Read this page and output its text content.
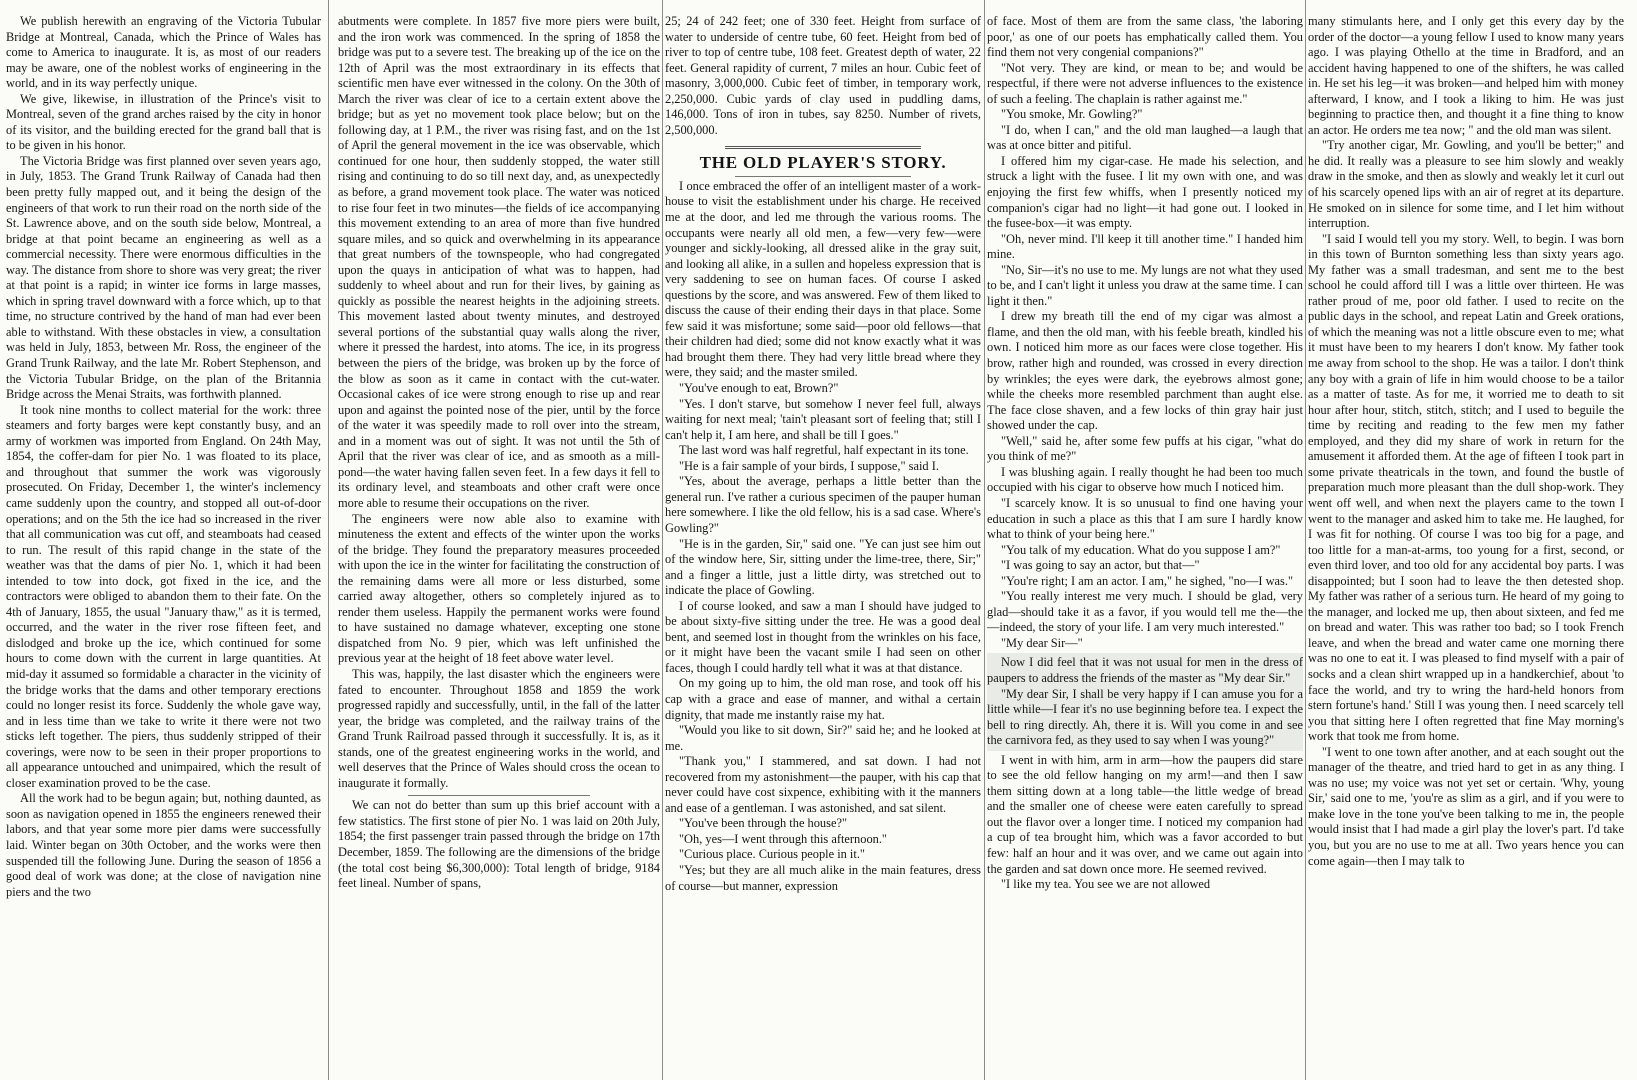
We publish herewith an engraving of the Victoria Tubular Bridge at Montreal, Canada, which the Prince of Wales has come to America to inaugurate. It is, as most of our readers may be aware, one of the noblest works of engineering in the world, and in its way perfectly unique.

We give, likewise, in illustration of the Prince's visit to Montreal, seven of the grand arches raised by the city in honor of its visitor, and the building erected for the grand ball that is to be given in his honor.

The Victoria Bridge was first planned over seven years ago, in July, 1853. The Grand Trunk Railway of Canada had then been pretty fully mapped out, and it being the design of the engineers of that work to run their road on the north side of the St. Lawrence above, and on the south side below, Montreal, a bridge at that point became an engineering as well as a commercial necessity. There were enormous difficulties in the way. The distance from shore to shore was very great; the river at that point is a rapid; in winter ice forms in large masses, which in spring travel downward with a force which, up to that time, no structure contrived by the hand of man had ever been able to withstand. With these obstacles in view, a consultation was held in July, 1853, between Mr. Ross, the engineer of the Grand Trunk Railway, and the late Mr. Robert Stephenson, and the Victoria Tubular Bridge, on the plan of the Britannia Bridge across the Menai Straits, was forthwith planned.

It took nine months to collect material for the work: three steamers and forty barges were kept constantly busy, and an army of workmen was imported from England. On 24th May, 1854, the coffer-dam for pier No. 1 was floated to its place, and throughout that summer the work was vigorously prosecuted. On Friday, December 1, the winter's inclemency came suddenly upon the country, and stopped all out-of-door operations; and on the 5th the ice had so increased in the river that all communication was cut off, and steamboats had ceased to run. The result of this rapid change in the state of the weather was that the dams of pier No. 1, which it had been intended to tow into dock, got fixed in the ice, and the contractors were obliged to abandon them to their fate. On the 4th of January, 1855, the usual "January thaw," as it is termed, occurred, and the water in the river rose fifteen feet, and dislodged and broke up the ice, which continued for some hours to come down with the current in large quantities. At mid-day it assumed so formidable a character in the vicinity of the bridge works that the dams and other temporary erections could no longer resist its force. Suddenly the whole gave way, and in less time than we take to write it there were not two sticks left together. The piers, thus suddenly stripped of their coverings, were now to be seen in their proper proportions to all appearance untouched and unimpaired, which the result of closer examination proved to be the case.

All the work had to be begun again; but, nothing daunted, as soon as navigation opened in 1855 the engineers renewed their labors, and that year some more pier dams were successfully laid. Winter began on 30th October, and the works were then suspended till the following June. During the season of 1856 a good deal of work was done; at the close of navigation nine piers and the two

abutments were complete. In 1857 five more piers were built, and the iron work was commenced. In the spring of 1858 the bridge was put to a severe test. The breaking up of the ice on the 12th of April was the most extraordinary in its effects that scientific men have ever witnessed in the colony. On the 30th of March the river was clear of ice to a certain extent above the bridge; but as yet no movement took place below; but on the following day, at 1 P.M., the river was rising fast, and on the 1st of April the general movement in the ice was observable, which continued for one hour, then suddenly stopped, the water still rising and continuing to do so till next day, and, as unexpectedly as before, a grand movement took place. The water was noticed to rise four feet in two minutes—the fields of ice accompanying this movement extending to an area of more than five hundred square miles, and so quick and overwhelming in its appearance that great numbers of the townspeople, who had congregated upon the quays in anticipation of what was to happen, had suddenly to wheel about and run for their lives, by gaining as quickly as possible the nearest heights in the adjoining streets. This movement lasted about twenty minutes, and destroyed several portions of the substantial quay walls along the river, where it pressed the hardest, into atoms. The ice, in its progress between the piers of the bridge, was broken up by the force of the blow as soon as it came in contact with the cut-water. Occasional cakes of ice were strong enough to rise up and rear upon and against the pointed nose of the pier, until by the force of the water it was speedily made to roll over into the stream, and in a moment was out of sight. It was not until the 5th of April that the river was clear of ice, and as smooth as a mill-pond—the water having fallen seven feet. In a few days it fell to its ordinary level, and steamboats and other craft were once more able to resume their occupations on the river.

The engineers were now able also to examine with minuteness the extent and effects of the winter upon the works of the bridge. They found the preparatory measures proceeded with upon the ice in the winter for facilitating the construction of the remaining dams were all more or less disturbed, some carried away altogether, others so completely injured as to render them useless. Happily the permanent works were found to have sustained no damage whatever, excepting one stone dispatched from No. 9 pier, which was left unfinished the previous year at the height of 18 feet above water level.

This was, happily, the last disaster which the engineers were fated to encounter. Throughout 1858 and 1859 the work progressed rapidly and successfully, until, in the fall of the latter year, the bridge was completed, and the railway trains of the Grand Trunk Railroad passed through it successfully. It is, as it stands, one of the greatest engineering works in the world, and well deserves that the Prince of Wales should cross the ocean to inaugurate it formally.

We can not do better than sum up this brief account with a few statistics. The first stone of pier No. 1 was laid on 20th July, 1854; the first passenger train passed through the bridge on 17th December, 1859. The following are the dimensions of the bridge (the total cost being $6,300,000): Total length of bridge, 9184 feet lineal. Number of spans,

25; 24 of 242 feet; one of 330 feet. Height from surface of water to underside of centre tube, 60 feet. Height from bed of river to top of centre tube, 108 feet. Greatest depth of water, 22 feet. General rapidity of current, 7 miles an hour. Cubic feet of masonry, 3,000,000. Cubic feet of timber, in temporary work, 2,250,000. Cubic yards of clay used in puddling dams, 146,000. Tons of iron in tubes, say 8250. Number of rivets, 2,500,000.

THE OLD PLAYER'S STORY.

I once embraced the offer of an intelligent master of a work-house to visit the establishment under his charge. He received me at the door, and led me through the various rooms. The occupants were nearly all old men, a few—very few—were younger and sickly-looking, all dressed alike in the gray suit, and looking all alike, in a sullen and hopeless expression that is very saddening to see on human faces. Of course I asked questions by the score, and was answered. Few of them liked to discuss the cause of their ending their days in that place. Some few said it was misfortune; some said—poor old fellows—that their children had died; some did not know exactly what it was had brought them there. They had very little bread where they were, they said; and the master smiled.

"You've enough to eat, Brown?"

"Yes. I don't starve, but somehow I never feel full, always waiting for next meal; 'tain't pleasant sort of feeling that; still I can't help it, I am here, and shall be till I goes."

The last word was half regretful, half expectant in its tone.

"He is a fair sample of your birds, I suppose," said I.

"Yes, about the average, perhaps a little better than the general run. I've rather a curious specimen of the pauper human here somewhere. I like the old fellow, his is a sad case. Where's Gowling?"

"He is in the garden, Sir," said one. "Ye can just see him out of the window here, Sir, sitting under the lime-tree, there, Sir;" and a finger a little, just a little dirty, was stretched out to indicate the place of Gowling.

I of course looked, and saw a man I should have judged to be about sixty-five sitting under the tree. He was a good deal bent, and seemed lost in thought from the wrinkles on his face, or it might have been the vacant smile I had seen on other faces, though I could hardly tell what it was at that distance.

On my going up to him, the old man rose, and took off his cap with a grace and ease of manner, and withal a certain dignity, that made me instantly raise my hat.

"Would you like to sit down, Sir?" said he; and he looked at me.

"Thank you," I stammered, and sat down. I had not recovered from my astonishment—the pauper, with his cap that never could have cost sixpence, exhibiting with it the manners and ease of a gentleman. I was astonished, and sat silent.

"You've been through the house?"

"Oh, yes—I went through this afternoon."

"Curious place. Curious people in it."

"Yes; but they are all much alike in the main features, dress of course—but manner, expression

of face. Most of them are from the same class, 'the laboring poor,' as one of our poets has emphatically called them. You find them not very congenial companions?"

"Not very. They are kind, or mean to be; and would be respectful, if there were not adverse influences to the existence of such a feeling. The chaplain is rather against me."

"You smoke, Mr. Gowling?"

"I do, when I can," and the old man laughed—a laugh that was at once bitter and pitiful.

I offered him my cigar-case. He made his selection, and struck a light with the fusee. I lit my own with one, and was enjoying the first few whiffs, when I presently noticed my companion's cigar had no light—it had gone out. I looked in the fusee-box—it was empty.

"Oh, never mind. I'll keep it till another time." I handed him mine.

"No, Sir—it's no use to me. My lungs are not what they used to be, and I can't light it unless you draw at the same time. I can light it then."

I drew my breath till the end of my cigar was almost a flame, and then the old man, with his feeble breath, kindled his own. I noticed him more as our faces were close together. His brow, rather high and rounded, was crossed in every direction by wrinkles; the eyes were dark, the eyebrows almost gone; while the cheeks more resembled parchment than aught else. The face close shaven, and a few locks of thin gray hair just showed under the cap.

"Well," said he, after some few puffs at his cigar, "what do you think of me?"

I was blushing again. I really thought he had been too much occupied with his cigar to observe how much I noticed him.

"I scarcely know. It is so unusual to find one having your education in such a place as this that I am sure I hardly know what to think of your being here."

"You talk of my education. What do you suppose I am?"

"I was going to say an actor, but that—"

"You're right; I am an actor. I am," he sighed, "no—I was."

"You really interest me very much. I should be glad, very glad—should take it as a favor, if you would tell me the—the—indeed, the story of your life. I am very much interested."

"My dear Sir—"

Now I did feel that it was not usual for men in the dress of paupers to address the friends of the master as "My dear Sir."

"My dear Sir, I shall be very happy if I can amuse you for a little while—I fear it's no use beginning before tea. I expect the bell to ring directly. Ah, there it is. Will you come in and see the carnivora fed, as they used to say when I was young?"

I went in with him, arm in arm—how the paupers did stare to see the old fellow hanging on my arm!—and then I saw them sitting down at a long table—the little wedge of bread and the smaller one of cheese were eaten carefully to spread out the flavor over a longer time. I noticed my companion had a cup of tea brought him, which was a favor accorded to but few: half an hour and it was over, and we came out again into the garden and sat down once more. He seemed revived.

"I like my tea. You see we are not allowed

many stimulants here, and I only get this every day by the order of the doctor—a young fellow I used to know many years ago. I was playing Othello at the time in Bradford, and an accident having happened to one of the shifters, he was called in. He set his leg—it was broken—and helped him with money afterward, I know, and I took a liking to him. He was just beginning to practice then, and thought it a fine thing to know an actor. He orders me tea now; " and the old man was silent.

"Try another cigar, Mr. Gowling, and you'll be better;" and he did. It really was a pleasure to see him slowly and weakly draw in the smoke, and then as slowly and weakly let it curl out of his scarcely opened lips with an air of regret at its departure. He smoked on in silence for some time, and I let him without interruption.

"I said I would tell you my story. Well, to begin. I was born in this town of Burnton something less than sixty years ago. My father was a small tradesman, and sent me to the best school he could afford till I was a little over thirteen. He was rather proud of me, poor old father. I used to recite on the public days in the school, and repeat Latin and Greek orations, of which the meaning was not a little obscure even to me; what it must have been to my hearers I don't know. My father took me away from school to the shop. He was a tailor. I don't think any boy with a grain of life in him would choose to be a tailor as a matter of taste. As for me, it worried me to death to sit hour after hour, stitch, stitch, stitch; and I used to beguile the time by reciting and reading to the few men my father employed, and they did my share of work in return for the amusement it afforded them. At the age of fifteen I took part in some private theatricals in the town, and found the bustle of preparation much more pleasant than the dull shop-work. They went off well, and when next the players came to the town I went to the manager and asked him to take me. He laughed, for I was fit for nothing. Of course I was too big for a page, and too little for a man-at-arms, too young for a first, second, or even third lover, and too old for any accidental boy parts. I was disappointed; but I soon had to leave the then detested shop. My father was rather of a serious turn. He heard of my going to the manager, and locked me up, then about sixteen, and fed me on bread and water. This was rather too bad; so I took French leave, and when the bread and water came one morning there was no one to eat it. I was pleased to find myself with a pair of socks and a clean shirt wrapped up in a handkerchief, about 'to face the world, and try to wring the hard-held honors from stern fortune's hand.' Still I was young then. I need scarcely tell you that sitting here I often regretted that fine May morning's work that took me from home.

"I went to one town after another, and at each sought out the manager of the theatre, and tried hard to get in as any thing. I was no use; my voice was not yet set or certain. 'Why, young Sir,' said one to me, 'you're as slim as a girl, and if you were to make love in the tone you've been talking to me in, the people would insist that I had made a girl play the lover's part. I'd take you, but you are no use to me at all. Two years hence you can come again—then I may talk to
